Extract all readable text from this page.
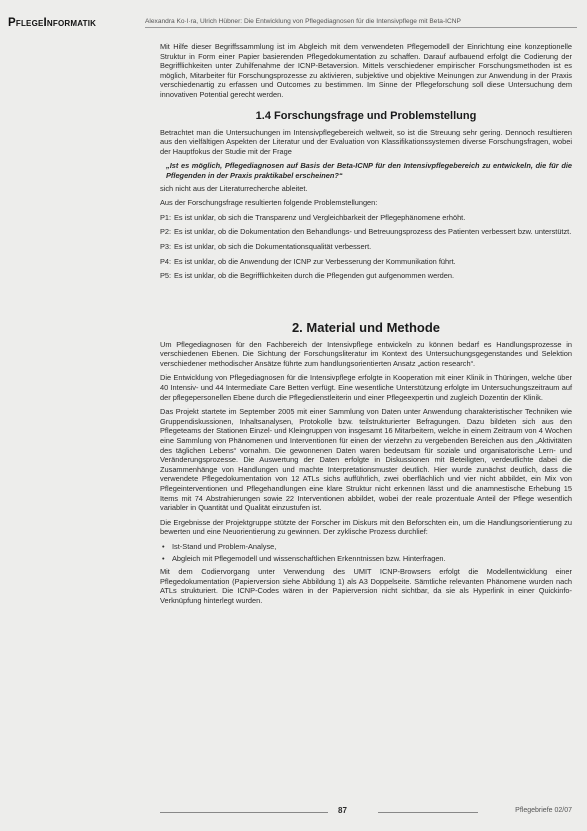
PflegeInformatik	Alexandra Ko·l·ra, Ulrich Hübner: Die Entwicklung von Pflegediagnosen für die Intensivpflege mit Beta-ICNP

Mit Hilfe dieser Begriffssammlung ist im Abgleich mit dem verwendeten Pflegemodell der Einrichtung eine konzeptionelle Struktur in Form einer Papier basierenden Pflegedokumentation zu schaffen. Darauf aufbauend erfolgt die Codierung der Begrifflichkeiten unter Zuhilfenahme der ICNP-Betaversion. Mittels verschiedener empirischer Forschungsmethoden ist es möglich, Mitarbeiter für Forschungsprozesse zu aktivieren, subjektive und objektive Meinungen zur Anwendung in der Praxis verschiedenartig zu erfassen und Outcomes zu bestimmen. Im Sinne der Pflegeforschung soll diese Untersuchung dem innovativen Potential gerecht werden.

1.4 Forschungsfrage und Problemstellung

Betrachtet man die Untersuchungen im Intensivpflegebereich weltweit, so ist die Streuung sehr gering. Dennoch resultieren aus den vielfältigen Aspekten der Literatur und der Evaluation von Klassifikationssystemen diverse Forschungsfragen, wobei der Hauptfokus der Studie mit der Frage

„Ist es möglich, Pflegediagnosen auf Basis der Beta-ICNP für den Intensivpflegebereich zu entwickeln, die für die Pflegenden in der Praxis praktikabel erscheinen?“

sich nicht aus der Literaturrecherche ableitet.

Aus der Forschungsfrage resultierten folgende Problemstellungen:

P1: Es ist unklar, ob sich die Transparenz und Vergleichbarkeit der Pflegephänomene erhöht.
P2: Es ist unklar, ob die Dokumentation den Behandlungs- und Betreuungsprozess des Patienten verbessert bzw. unterstützt.
P3: Es ist unklar, ob sich die Dokumentationsqualität verbessert.
P4: Es ist unklar, ob die Anwendung der ICNP zur Verbesserung der Kommunikation führt.
P5: Es ist unklar, ob die Begrifflichkeiten durch die Pflegenden gut aufgenommen werden.
2. Material und Methode

Um Pflegediagnosen für den Fachbereich der Intensivpflege entwickeln zu können bedarf es Handlungsprozesse in verschiedenen Ebenen. Die Sichtung der Forschungsliteratur im Kontext des Untersuchungsgegenstandes und Selektion verschiedener methodischer Ansätze führte zum handlungsorientierten Ansatz „action research“.

Die Entwicklung von Pflegediagnosen für die Intensivpflege erfolgte in Kooperation mit einer Klinik in Thüringen, welche über 40 Intensiv- und 44 Intermediate Care Betten verfügt. Eine wesentliche Unterstützung erfolgte im Untersuchungszeitraum auf der pflegepersonellen Ebene durch die Pflegedienstleiterin und einer Pflegeexpertin und zugleich Dozentin der Klinik.

Das Projekt startete im September 2005 mit einer Sammlung von Daten unter Anwendung charakteristischer Techniken wie Gruppendiskussionen, Inhaltsanalysen, Protokolle bzw. teilstrukturierter Befragungen. Dazu bildeten sich aus den Pflegeteams der Stationen Einzel- und Kleingruppen von insgesamt 16 Mitarbeitern, welche in einem Zeitraum von 4 Wochen eine Sammlung von Phänomenen und Interventionen für einen der vierzehn zu vergebenden Bereichen aus den „Aktivitäten des täglichen Lebens“ vornahm. Die gewonnenen Daten waren bedeutsam für soziale und organisatorische Lern- und Veränderungsprozesse. Die Auswertung der Daten erfolgte in Diskussionen mit Beteiligten, verdeutlichte dabei die Zusammenhänge von Handlungen und machte Interpretationsmuster deutlich. Hier wurde zunächst deutlich, dass die verwendete Pflegedokumentation von 12 ATLs sichs aufführlich, zwei oberflächlich und vier nicht abbildet, ein Mix von Pflegeinterventionen und Pflegehandlungen eine klare Struktur nicht erkennen lässt und die anamnestische Erhebung 15 Items mit 74 Abstrahierungen sowie 22 Interventionen abbildet, wobei der reale prozentuale Anteil der Pflege wesentlich variabler in Quantität und Qualität einzustufen ist.

Die Ergebnisse der Projektgruppe stützte der Forscher im Diskurs mit den Beforschten ein, um die Handlungsorientierung zu bewerten und eine Neuorientierung zu gewinnen. Der zyklische Prozess durchlief:

•	Ist-Stand und Problem-Analyse,
•	Abgleich mit Pflegemodell und wissenschaftlichen Erkenntnissen bzw. Hinterfragen.

Mit dem Codiervorgang unter Verwendung des UMIT ICNP-Browsers erfolgt die Modellentwicklung einer Pflegedokumentation (Papierversion siehe Abbildung 1) als A3 Doppelseite. Sämtliche relevanten Phänomene wurden nach ATLs strukturiert. Die ICNP-Codes wären in der Papierversion nicht sichtbar, da sie als Hyperlink in einer Quickinfo-Verknüpfung hinterlegt wurden.

87	Pflegebriefe 02/07
